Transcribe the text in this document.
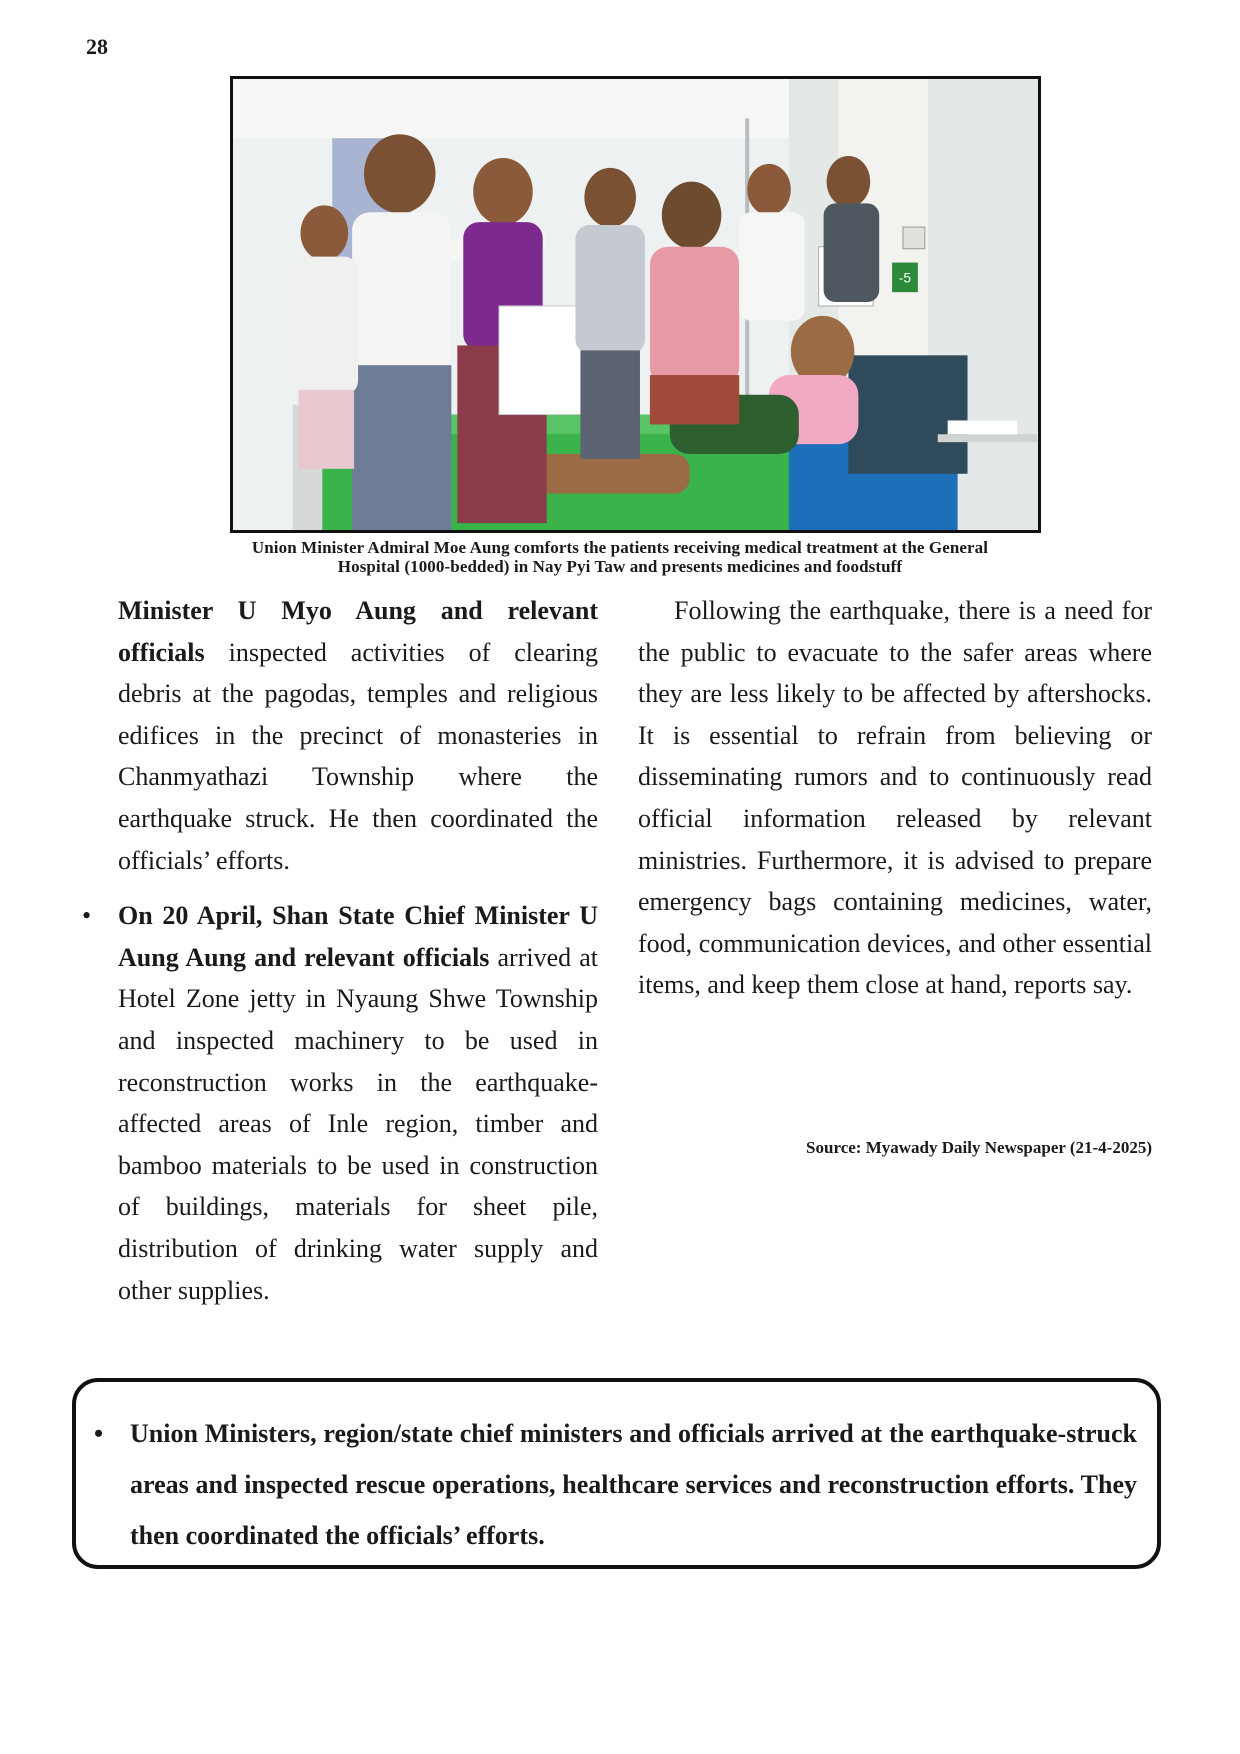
28
-5
Union Minister Admiral Moe Aung comforts the patients receiving medical treatment at the General
Hospital (1000-bedded) in Nay Pyi Taw and presents medicines and foodstuff

Minister U Myo Aung and relevant officials inspected activities of clearing debris at the pagodas, temples and religious edifices in the precinct of monasteries in Chanmyathazi Township where the earthquake struck. He then coordinated the officials’ efforts.

• On 20 April, Shan State Chief Minister U Aung Aung and relevant officials arrived at Hotel Zone jetty in Nyaung Shwe Township and inspected machinery to be used in reconstruction works in the earthquake-affected areas of Inle region, timber and bamboo materials to be used in construction of buildings, materials for sheet pile, distribution of drinking water supply and other supplies.

Following the earthquake, there is a need for the public to evacuate to the safer areas where they are less likely to be affected by aftershocks. It is essential to refrain from believing or disseminating rumors and to continuously read official information released by relevant ministries. Furthermore, it is advised to prepare emergency bags containing medicines, water, food, communication devices, and other essential items, and keep them close at hand, reports say.

Source: Myawady Daily Newspaper (21-4-2025)
• Union Ministers, region/state chief ministers and officials arrived at the earthquake-struck areas and inspected rescue operations, healthcare services and reconstruction efforts. They then coordinated the officials’ efforts.
